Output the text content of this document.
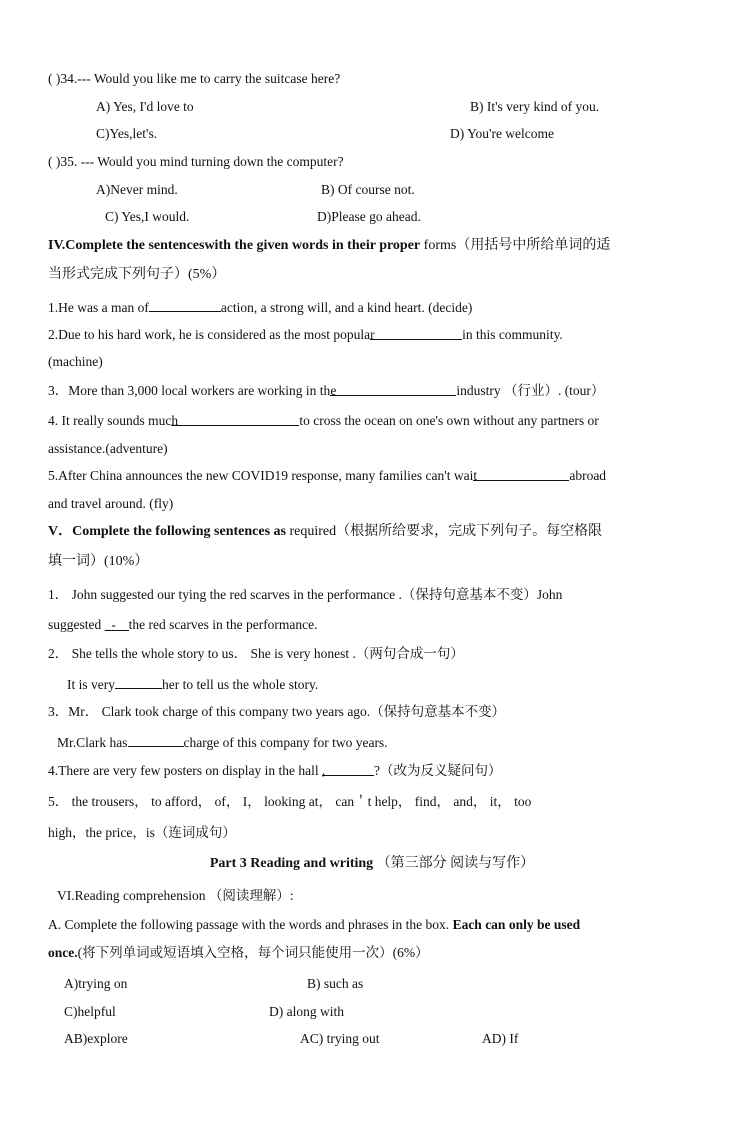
( )34.--- Would you like me to carry the suitcase here?
A) Yes, I'd love to	B) It's very kind of you.
C)Yes,let's.	D) You're welcome
( )35. --- Would you mind turning down the computer?
A)Never mind.	B) Of course not.
C) Yes,I would.	D)Please go ahead.
IV.Complete the sentenceswith the given words in their proper forms（用括号中所给单词的适
当形式完成下列句子）(5%）
1.He was a man of	action, a strong will, and a kind heart. (decide)
2.Due to his hard work, he is considered as the most popular	in this community.
(machine)
3．More than 3,000 local workers are working in the	industry （行业）. (tour）
4. It really sounds much	to cross the ocean on one's own without any partners or
assistance.(adventure)
5.After China announces the new COVID19 response, many families can't wait	abroad
and travel around. (fly)
V．Complete the following sentences as required（根据所给要求，完成下列句子。每空格限
填一词）(10%）
1． John suggested our tying the red scarves in the performance .（保持句意基本不变）John
suggested _-the red scarves in the performance.
2． She tells the whole story to us． She is very honest .（两句合成一句）
It is very	her to tell us the whole story.
3．Mr． Clark took charge of this company two years ago.（保持句意基本不变）
Mr.Clark has	charge of this company for two years.
4.There are very few posters on display in the hall ,	?（改为反义疑问句）
5． the trousers， to afford， of， I， looking at， can＇t help， find， and， it， too
high，the price，is（连词成句）
Part 3 Reading and writing （第三部分 阅读与写作）
VI.Reading comprehension （阅读理解）:
A. Complete the following passage with the words and phrases in the box. Each can only be used
once.(将下列单词或短语填入空格，每个词只能使用一次）(6%）
A)trying on	B) such as
C)helpful	D) along with
AB)explore	AC) trying out	AD) If
